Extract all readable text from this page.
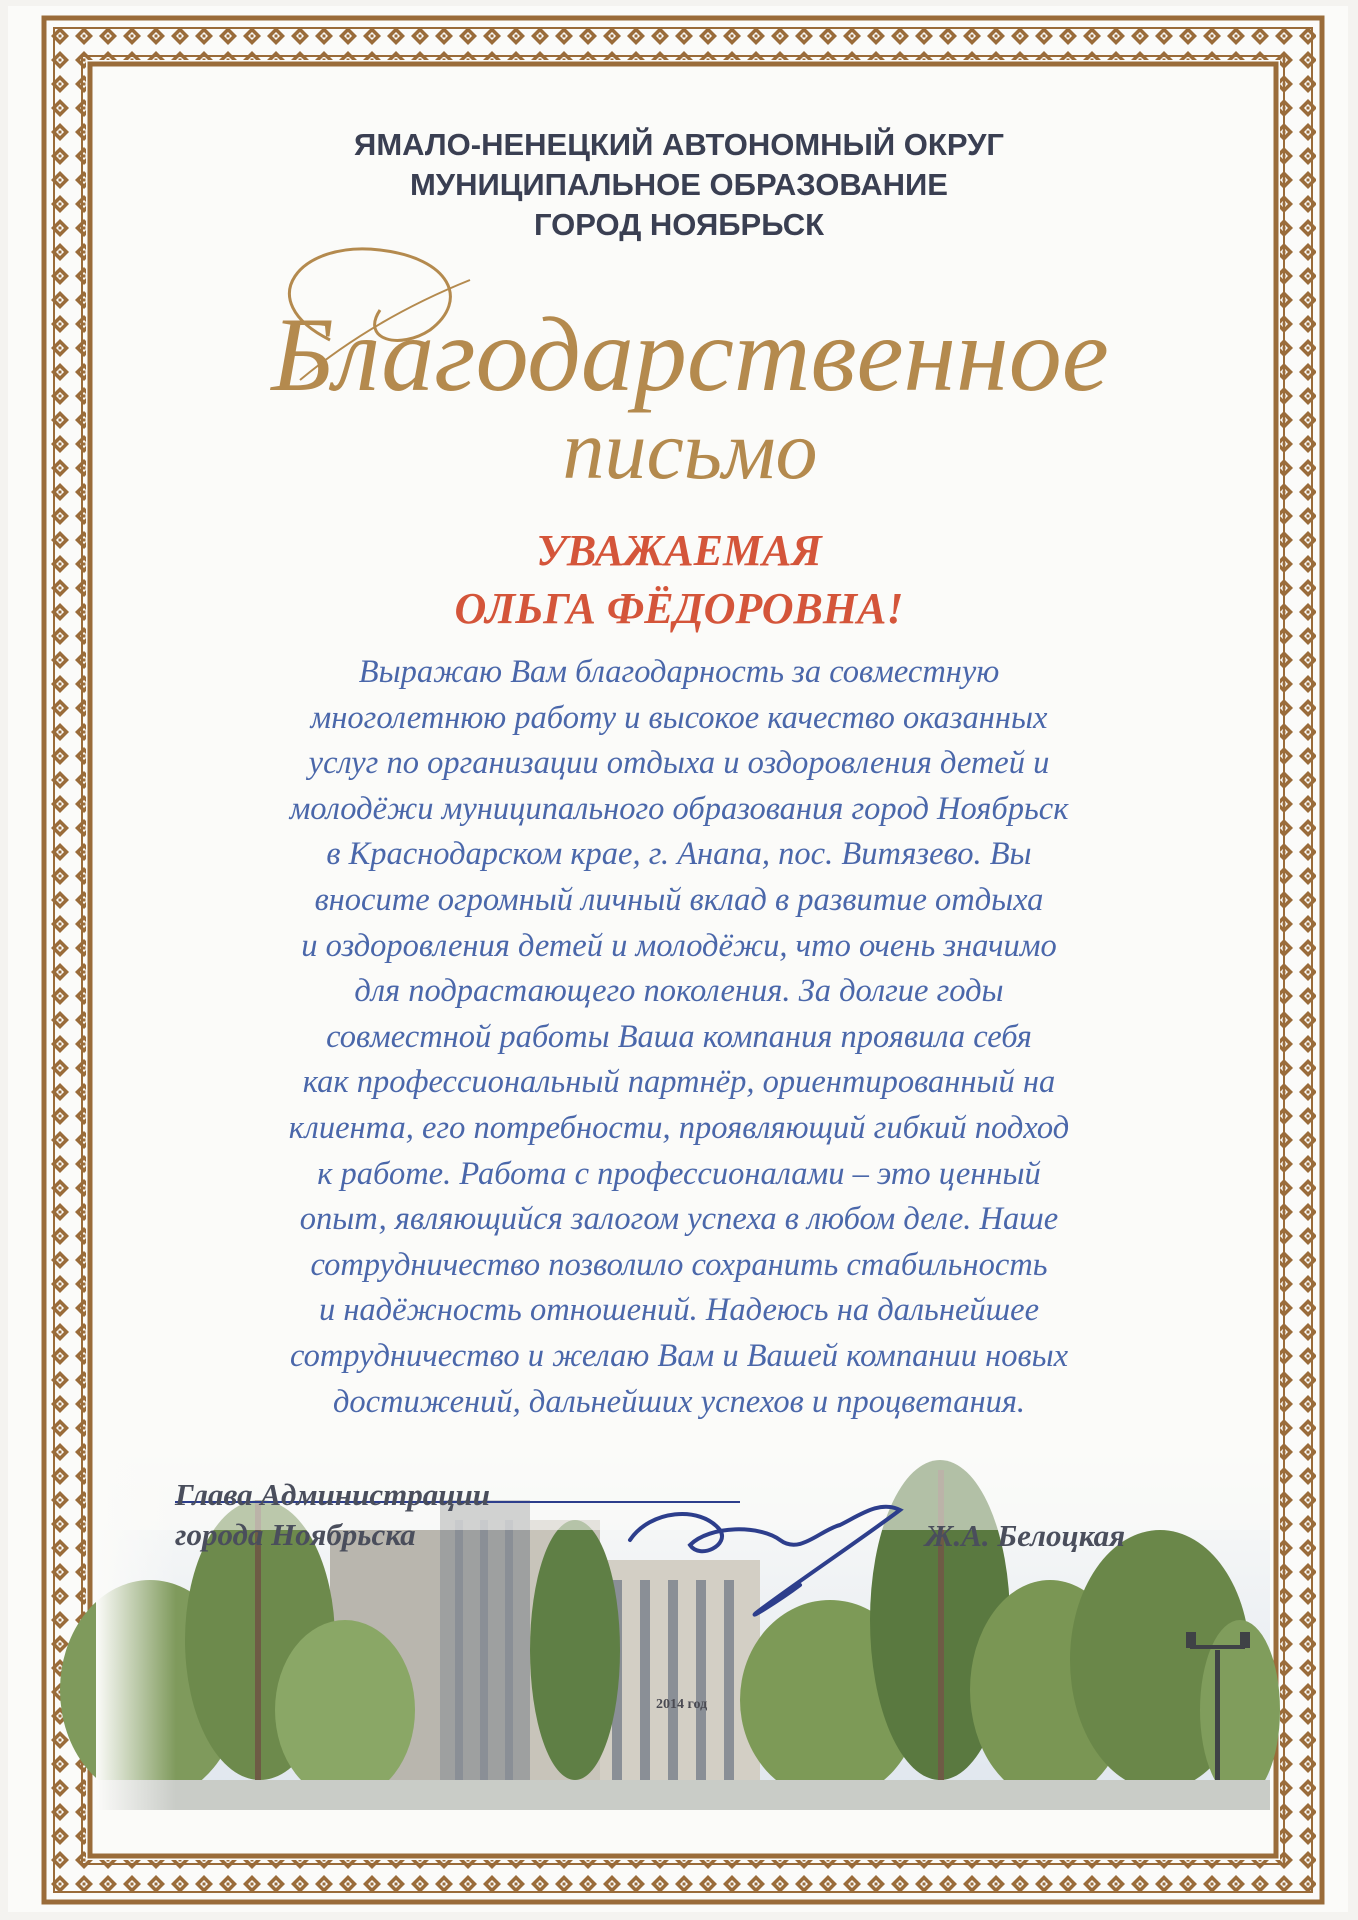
ЯМАЛО-НЕНЕЦКИЙ АВТОНОМНЫЙ ОКРУГ
МУНИЦИПАЛЬНОЕ ОБРАЗОВАНИЕ
ГОРОД НОЯБРЬСК
Благодарственное
письмо
УВАЖАЕМАЯ
ОЛЬГА ФЁДОРОВНА!
Выражаю Вам благодарность за совместную
многолетнюю работу и высокое качество оказанных
услуг по организации отдыха и оздоровления детей и
молодёжи муниципального образования город Ноябрьск
в Краснодарском крае, г. Анапа, пос. Витязево. Вы
вносите огромный личный вклад в развитие отдыха
и оздоровления детей и молодёжи, что очень значимо
для подрастающего поколения. За долгие годы
совместной работы Ваша компания проявила себя
как профессиональный партнёр, ориентированный на
клиента, его потребности, проявляющий гибкий подход
к работе. Работа с профессионалами – это ценный
опыт, являющийся залогом успеха в любом деле. Наше
сотрудничество позволило сохранить стабильность
и надёжность отношений. Надеюсь на дальнейшее
сотрудничество и желаю Вам и Вашей компании новых
достижений, дальнейших успехов и процветания.
Глава Администрации
города Ноябрьска	Ж.А. Белоцкая
2014 год
